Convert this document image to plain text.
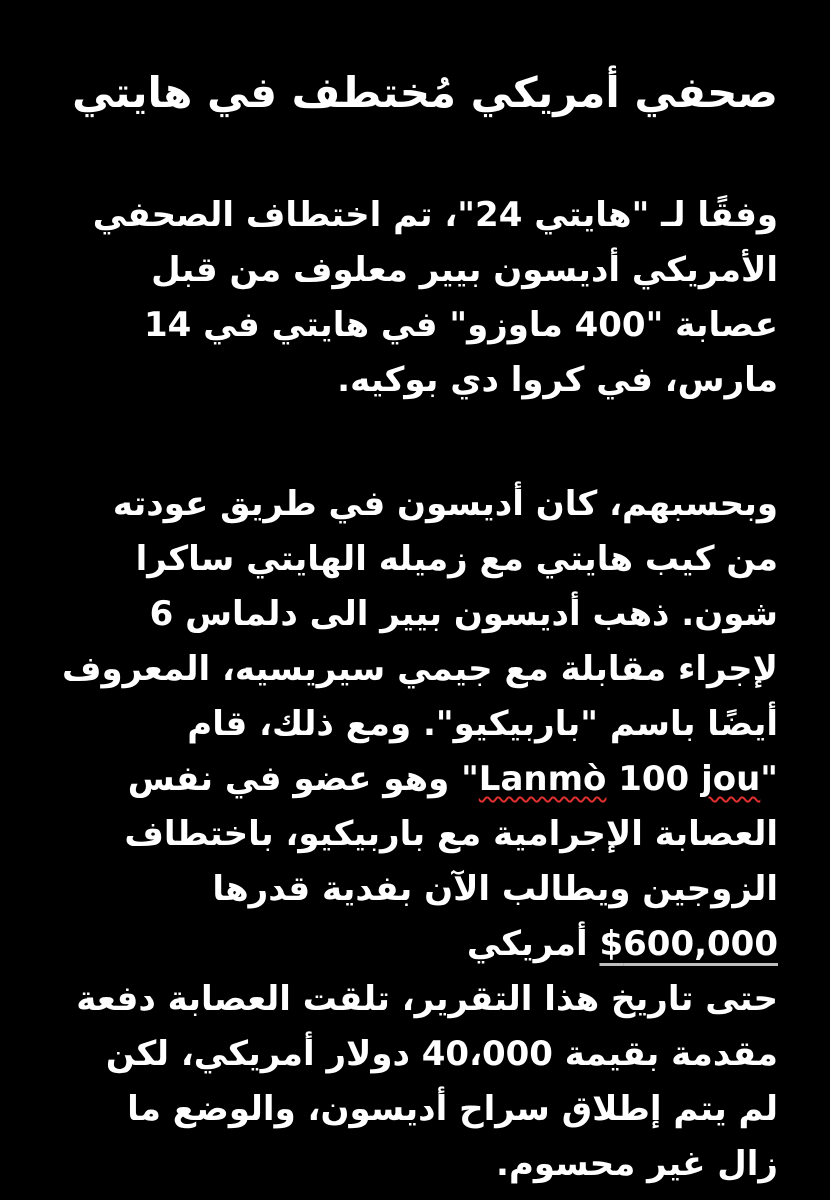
صحفي أمريكي مُختطف في هايتي

وفقًا لـ "هايتي 24"، تم اختطاف الصحفي الأمريكي أديسون بيير معلوف من قبل عصابة "400 ماوزو" في هايتي في 14 مارس، في كروا دي بوكيه.

وبحسبهم، كان أديسون في طريق عودته من كيب هايتي مع زميله الهايتي ساكرا شون. ذهب أديسون بيير الى دلماس 6 لإجراء مقابلة مع جيمي سيريسيه، المعروف أيضًا باسم "باربيكيو". ومع ذلك، قام "Lanmò 100 jou" وهو عضو في نفس العصابة الإجرامية مع باربيكيو، باختطاف الزوجين ويطالب الآن بفدية قدرها 600,000$ أمريكي

حتى تاريخ هذا التقرير، تلقت العصابة دفعة مقدمة بقيمة 40،000 دولار أمريكي، لكن لم يتم إطلاق سراح أديسون، والوضع ما زال غير محسوم.
